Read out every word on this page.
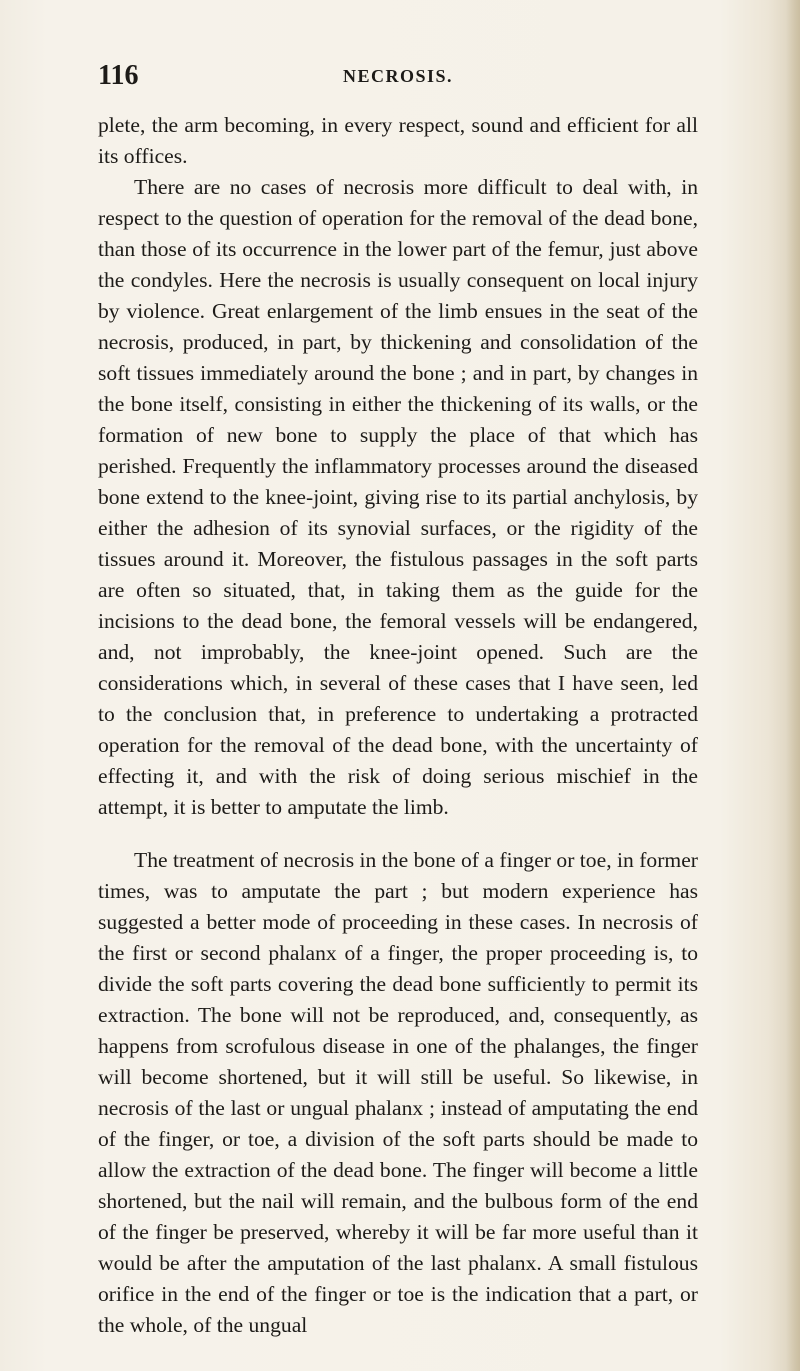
116	NECROSIS.

plete, the arm becoming, in every respect, sound and efficient for all its offices.

There are no cases of necrosis more difficult to deal with, in respect to the question of operation for the removal of the dead bone, than those of its occurrence in the lower part of the femur, just above the condyles. Here the necrosis is usually consequent on local injury by violence. Great enlargement of the limb ensues in the seat of the necrosis, produced, in part, by thickening and consolidation of the soft tissues immediately around the bone ; and in part, by changes in the bone itself, consisting in either the thickening of its walls, or the formation of new bone to supply the place of that which has perished. Frequently the inflammatory processes around the diseased bone extend to the knee-joint, giving rise to its partial anchylosis, by either the adhesion of its synovial surfaces, or the rigidity of the tissues around it. Moreover, the fistulous passages in the soft parts are often so situated, that, in taking them as the guide for the incisions to the dead bone, the femoral vessels will be endangered, and, not improbably, the knee-joint opened. Such are the considerations which, in several of these cases that I have seen, led to the conclusion that, in preference to undertaking a protracted operation for the removal of the dead bone, with the uncertainty of effecting it, and with the risk of doing serious mischief in the attempt, it is better to amputate the limb.

The treatment of necrosis in the bone of a finger or toe, in former times, was to amputate the part ; but modern experience has suggested a better mode of proceeding in these cases. In necrosis of the first or second phalanx of a finger, the proper proceeding is, to divide the soft parts covering the dead bone sufficiently to permit its extraction. The bone will not be reproduced, and, consequently, as happens from scrofulous disease in one of the phalanges, the finger will become shortened, but it will still be useful. So likewise, in necrosis of the last or ungual phalanx ; instead of amputating the end of the finger, or toe, a division of the soft parts should be made to allow the extraction of the dead bone. The finger will become a little shortened, but the nail will remain, and the bulbous form of the end of the finger be preserved, whereby it will be far more useful than it would be after the amputation of the last phalanx. A small fistulous orifice in the end of the finger or toe is the indication that a part, or the whole, of the ungual
